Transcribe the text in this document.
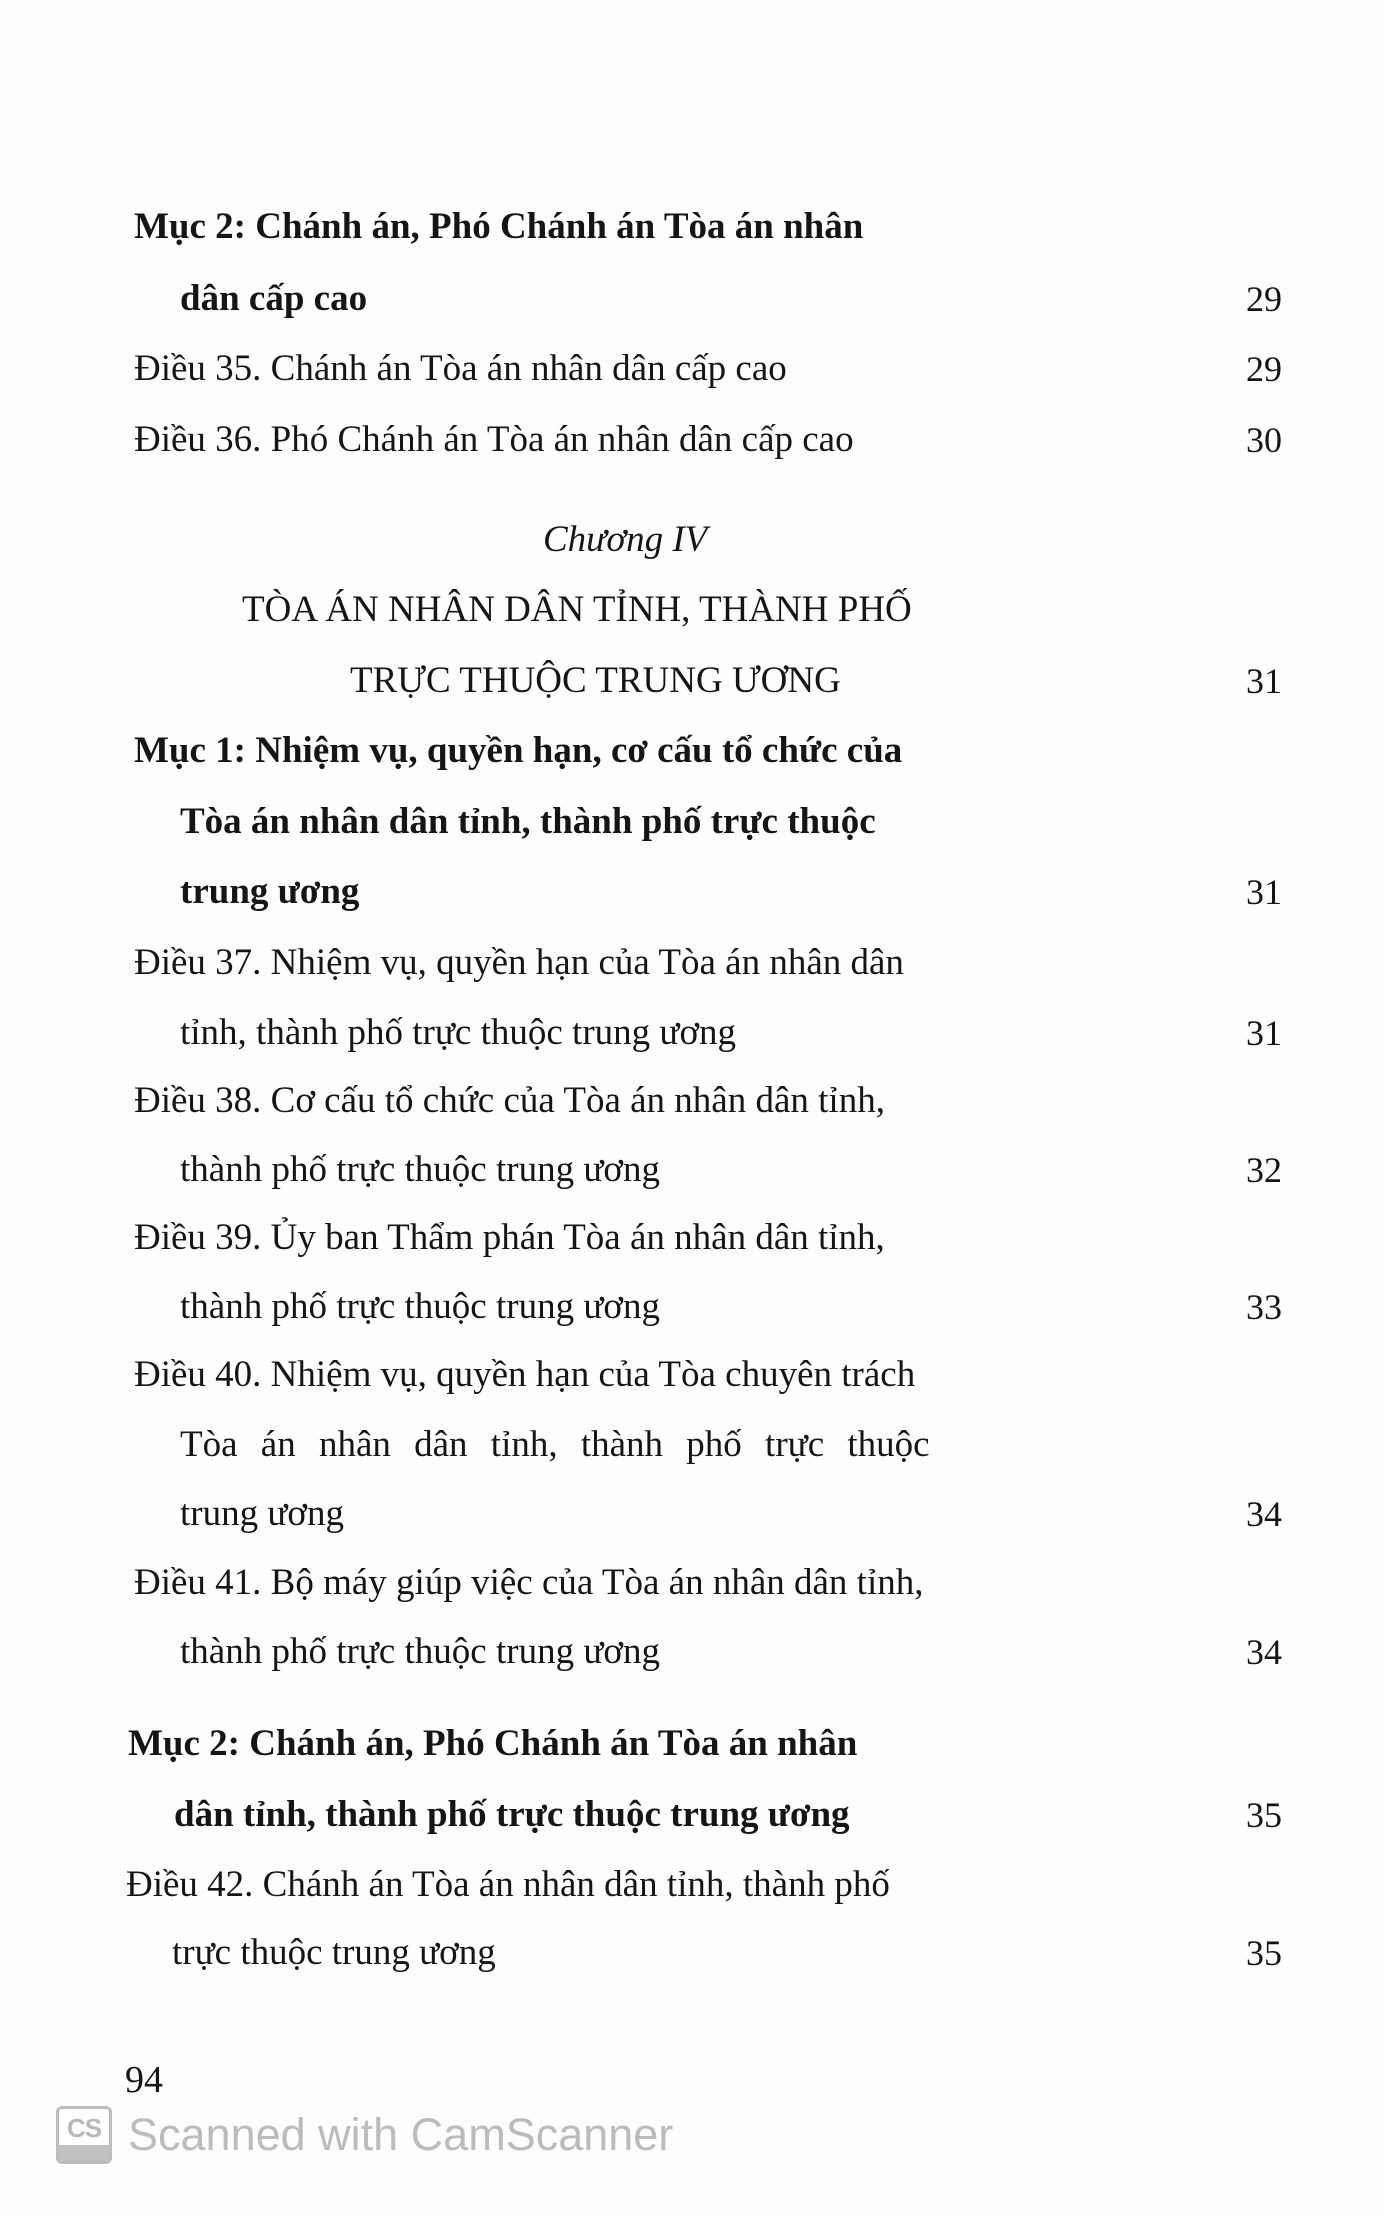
Mục 2: Chánh án, Phó Chánh án Tòa án nhân
dân cấp cao	29
Điều 35. Chánh án Tòa án nhân dân cấp cao	29
Điều 36. Phó Chánh án Tòa án nhân dân cấp cao	30
Chương IV
TÒA ÁN NHÂN DÂN TỈNH, THÀNH PHỐ
TRỰC THUỘC TRUNG ƯƠNG	31
Mục 1: Nhiệm vụ, quyền hạn, cơ cấu tổ chức của
Tòa án nhân dân tỉnh, thành phố trực thuộc
trung ương	31
Điều 37. Nhiệm vụ, quyền hạn của Tòa án nhân dân
tỉnh, thành phố trực thuộc trung ương	31
Điều 38. Cơ cấu tổ chức của Tòa án nhân dân tỉnh,
thành phố trực thuộc trung ương	32
Điều 39. Ủy ban Thẩm phán Tòa án nhân dân tỉnh,
thành phố trực thuộc trung ương	33
Điều 40. Nhiệm vụ, quyền hạn của Tòa chuyên trách
Tòa án nhân dân tỉnh, thành phố trực thuộc
trung ương	34
Điều 41. Bộ máy giúp việc của Tòa án nhân dân tỉnh,
thành phố trực thuộc trung ương	34
Mục 2: Chánh án, Phó Chánh án Tòa án nhân
dân tỉnh, thành phố trực thuộc trung ương	35
Điều 42. Chánh án Tòa án nhân dân tỉnh, thành phố
trực thuộc trung ương	35
94
CS Scanned with CamScanner
